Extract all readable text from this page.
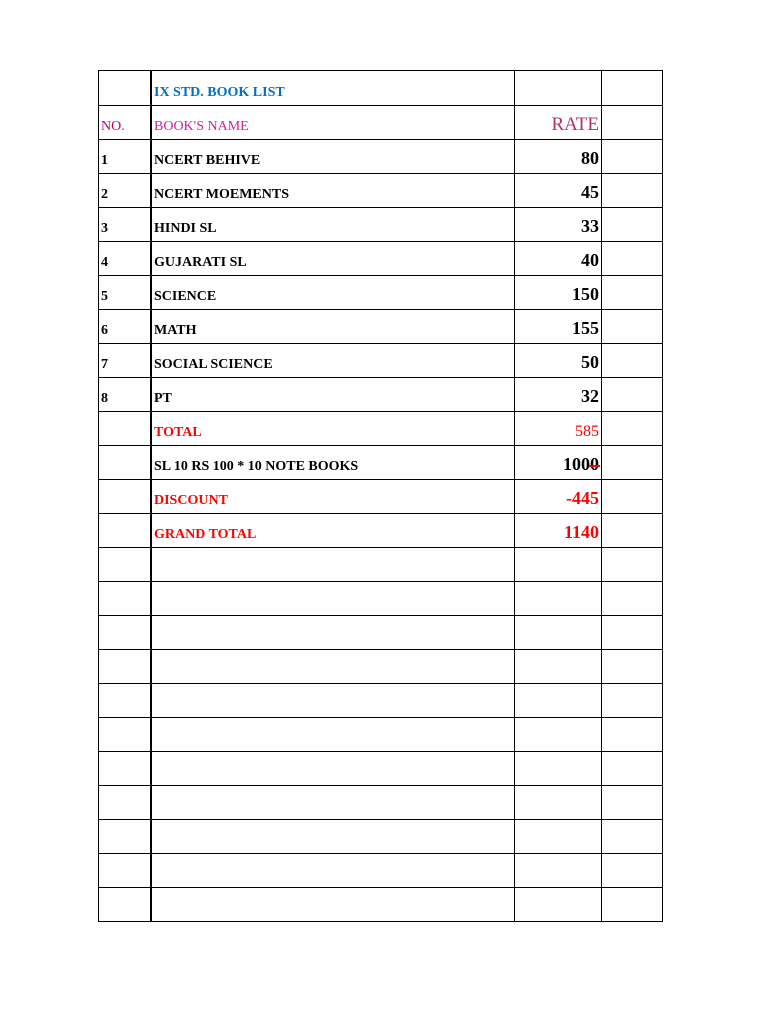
IX STD. BOOK LIST
NO. BOOK'S NAME	RATE
1	NCERT BEHIVE	80
2	NCERT MOEMENTS	45
3	HINDI SL	33
4	GUJARATI SL	40
5	SCIENCE	150
6	MATH	155
7	SOCIAL SCIENCE	50
8	PT	32
TOTAL	585
SL 10 RS 100 * 10 NOTE BOOKS	1000
DISCOUNT	-445
GRAND TOTAL	1140
